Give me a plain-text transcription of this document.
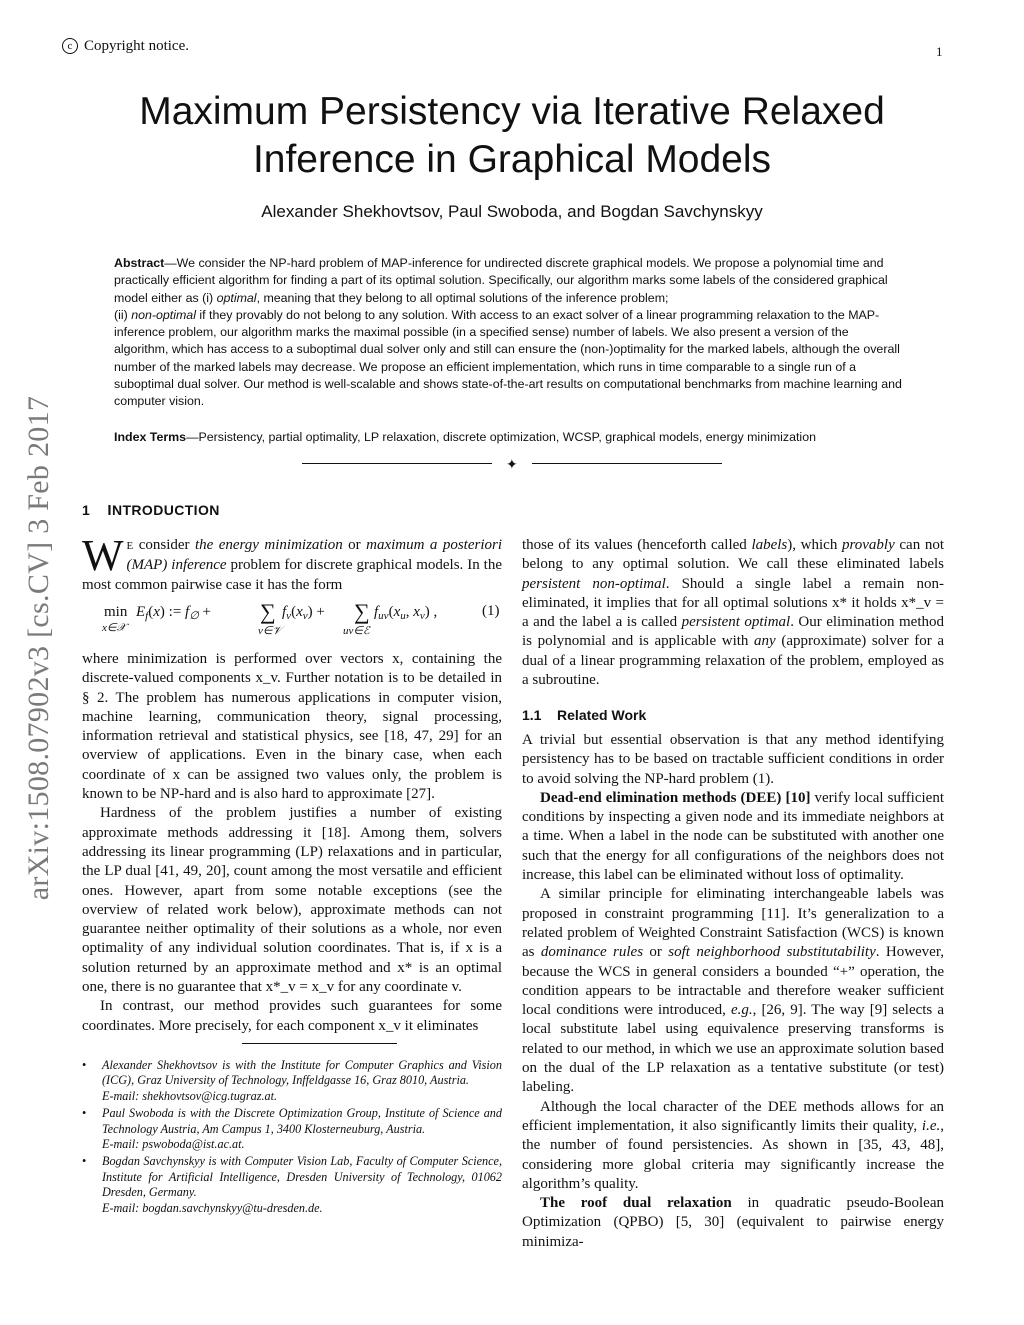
c Copyright notice.	1
arXiv:1508.07902v3 [cs.CV] 3 Feb 2017
Maximum Persistency via Iterative Relaxed
Inference in Graphical Models
Alexander Shekhovtsov, Paul Swoboda, and Bogdan Savchynskyy

Abstract—We consider the NP-hard problem of MAP-inference for undirected discrete graphical models. We propose a polynomial time and practically efficient algorithm for finding a part of its optimal solution. Specifically, our algorithm marks some labels of the considered graphical model either as (i) optimal, meaning that they belong to all optimal solutions of the inference problem;

(ii) non-optimal if they provably do not belong to any solution. With access to an exact solver of a linear programming relaxation to the MAP-inference problem, our algorithm marks the maximal possible (in a specified sense) number of labels. We also present a version of the algorithm, which has access to a suboptimal dual solver only and still can ensure the (non-)optimality for the marked labels, although the overall number of the marked labels may decrease. We propose an efficient implementation, which runs in time comparable to a single run of a suboptimal dual solver. Our method is well-scalable and shows state-of-the-art results on computational benchmarks from machine learning and computer vision.

Index Terms—Persistency, partial optimality, LP relaxation, discrete optimization, WCSP, graphical models, energy minimization
✦
1 INTRODUCTION

W E consider the energy minimization or maximum a posteriori (MAP) inference problem for discrete graphical models. In the most common pairwise case it has the form

min
x∈𝒳
$E_f(x)$ := $f_\emptyset$ + ∑
v∈𝒱
$f_v(x_v)$ + ∑
uv∈ℰ
$f_{uv}(x_u$, $x_v$) ,	(1)

where minimization is performed over vectors x, containing the discrete-valued components x_v. Further notation is to be detailed in § 2. The problem has numerous applications in computer vision, machine learning, communication theory, signal processing, information retrieval and statistical physics, see [18, 47, 29] for an overview of applications. Even in the binary case, when each coordinate of x can be assigned two values only, the problem is known to be NP-hard and is also hard to approximate [27].

Hardness of the problem justifies a number of existing approximate methods addressing it [18]. Among them, solvers addressing its linear programming (LP) relaxations and in particular, the LP dual [41, 49, 20], count among the most versatile and efficient ones. However, apart from some notable exceptions (see the overview of related work below), approximate methods can not guarantee neither optimality of their solutions as a whole, nor even optimality of any individual solution coordinates. That is, if x is a solution returned by an approximate method and x* is an optimal one, there is no guarantee that x*_v = x_v for any coordinate v.

In contrast, our method provides such guarantees for some coordinates. More precisely, for each component x_v it eliminates

• Alexander Shekhovtsov is with the Institute for Computer Graphics and Vision (ICG), Graz University of Technology, Inffeldgasse 16, Graz 8010, Austria.
E-mail: shekhovtsov@icg.tugraz.at.
• Paul Swoboda is with the Discrete Optimization Group, Institute of Science and Technology Austria, Am Campus 1, 3400 Klosterneuburg, Austria.
E-mail: pswoboda@ist.ac.at.
• Bogdan Savchynskyy is with Computer Vision Lab, Faculty of Computer Science, Institute for Artificial Intelligence, Dresden University of Technology, 01062 Dresden, Germany.
E-mail: bogdan.savchynskyy@tu-dresden.de.

those of its values (henceforth called labels), which provably can not belong to any optimal solution. We call these eliminated labels persistent non-optimal. Should a single label a remain non-eliminated, it implies that for all optimal solutions x* it holds x*_v = a and the label a is called persistent optimal. Our elimination method is polynomial and is applicable with any (approximate) solver for a dual of a linear programming relaxation of the problem, employed as a subroutine.

1.1 Related Work

A trivial but essential observation is that any method identifying persistency has to be based on tractable sufficient conditions in order to avoid solving the NP-hard problem (1).

Dead-end elimination methods (DEE) [10] verify local sufficient conditions by inspecting a given node and its immediate neighbors at a time. When a label in the node can be substituted with another one such that the energy for all configurations of the neighbors does not increase, this label can be eliminated without loss of optimality.

A similar principle for eliminating interchangeable labels was proposed in constraint programming [11]. It’s generalization to a related problem of Weighted Constraint Satisfaction (WCS) is known as dominance rules or soft neighborhood substitutability. However, because the WCS in general considers a bounded “+” operation, the condition appears to be intractable and therefore weaker sufficient local conditions were introduced, e.g., [26, 9]. The way [9] selects a local substitute label using equivalence preserving transforms is related to our method, in which we use an approximate solution based on the dual of the LP relaxation as a tentative substitute (or test) labeling.

Although the local character of the DEE methods allows for an efficient implementation, it also significantly limits their quality, i.e., the number of found persistencies. As shown in [35, 43, 48], considering more global criteria may significantly increase the algorithm’s quality.

The roof dual relaxation in quadratic pseudo-Boolean Optimization (QPBO) [5, 30] (equivalent to pairwise energy minimiza-
